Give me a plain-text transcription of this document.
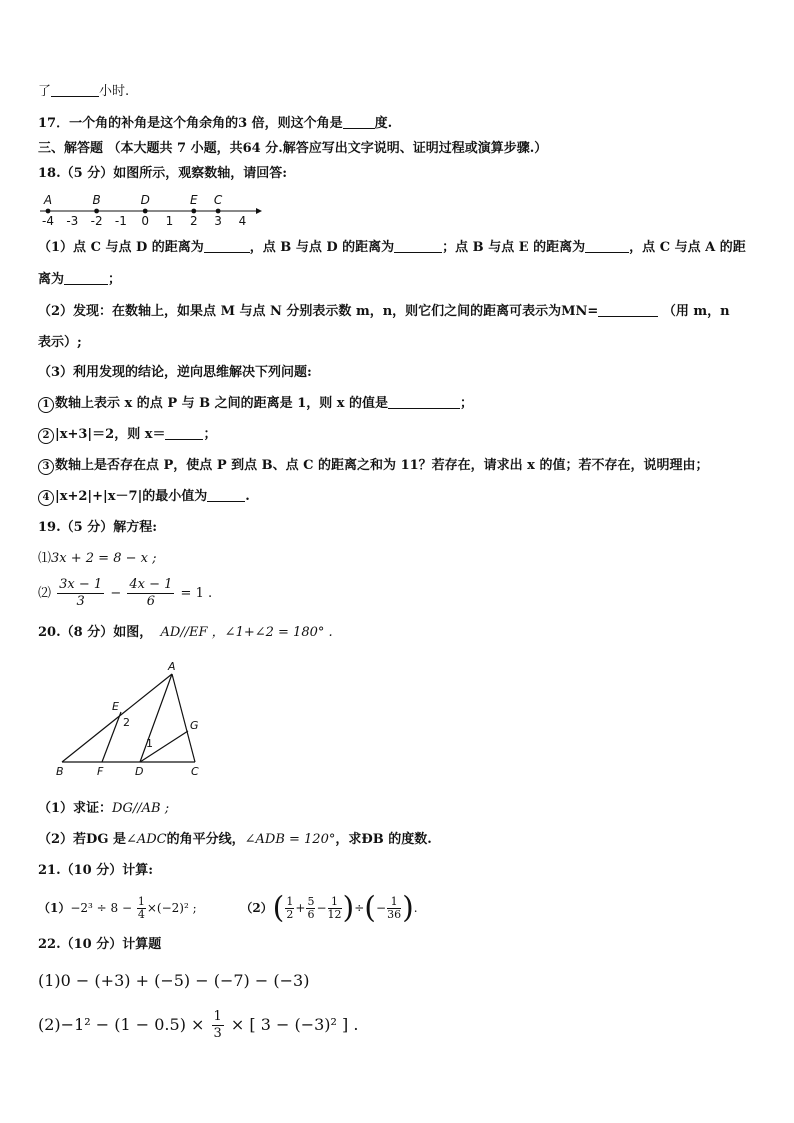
了	小时.
17．一个角的补角是这个角余角的3 倍，则这个角是 度.
三、解答题 （本大题共 7 小题，共64 分.解答应写出文字说明、证明过程或演算步骤.）
18.（5 分）如图所示，观察数轴，请回答:
-4 -3 -2 -1 0 1 2 3 4
A	B	D	E C
（1）点 C 与点 D 的距离为	，点 B 与点 D 的距离为	；点 B 与点 E 的距离为	，点 C 与点 A 的距
离为	；
（2）发现：在数轴上，如果点 M 与点 N 分别表示数 m，n，则它们之间的距离可表示为MN=	（用 m，n
表示）;
（3）利用发现的结论，逆向思维解决下列问题:
1 数轴上表示 x 的点 P 与 B 之间的距离是 1，则 x 的值是	；
2 |x+3|＝2，则 x＝	；
3 数轴上是否存在点 P，使点 P 到点 B、点 C 的距离之和为 11？若存在，请求出 x 的值；若不存在，说明理由；
4 |x+2|+|x－7|的最小值为	.
19.（5 分）解方程:
⑴3x + 2 = 8 − x ;
⑵ $\frac{3x - 1}{3} - \frac{4x - 1}{6} = 1$ .
20.（8 分）如图， AD//EF ，∠1+∠2 = 180° .
A
E
2	G
1
B	F	D	C
（1）求证：DG//AB ;
（2）若DG 是∠ADC的角平分线，∠ADB = 120°，求ÐB 的度数.
21.（10 分）计算:
$(1)-2^3 \div 8 - \frac{1}{4} \times(-2)^2$ ;	$(2)( \frac{1}{2} + \frac{5}{6} - \frac{1}{12}$ )÷(− $\frac{1}{36}$ ).
22.（10 分）计算题
(1)0 − (+3) + (−5) − (−7) − (−3)
$(2)-1^2 - (1 - 0.5) \times \frac{1}{3}$ × [ 3 − (−3)² ] .
